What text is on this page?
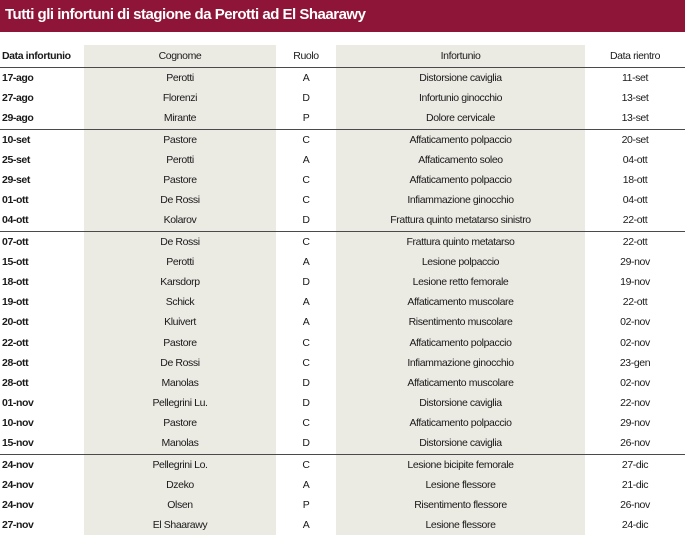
Tutti gli infortuni di stagione da Perotti ad El Shaarawy
Data infortunio	Cognome	Ruolo	Infortunio	Data rientro
17-ago	Perotti	A	Distorsione caviglia	11-set
27-ago	Florenzi	D	Infortunio ginocchio	13-set
29-ago	Mirante	P	Dolore cervicale	13-set
10-set	Pastore	C	Affaticamento polpaccio	20-set
25-set	Perotti	A	Affaticamento soleo	04-ott
29-set	Pastore	C	Affaticamento polpaccio	18-ott
01-ott	De Rossi	C	Infiammazione ginocchio	04-ott
04-ott	Kolarov	D	Frattura quinto metatarso sinistro	22-ott
07-ott	De Rossi	C	Frattura quinto metatarso	22-ott
15-ott	Perotti	A	Lesione polpaccio	29-nov
18-ott	Karsdorp	D	Lesione retto femorale	19-nov
19-ott	Schick	A	Affaticamento muscolare	22-ott
20-ott	Kluivert	A	Risentimento muscolare	02-nov
22-ott	Pastore	C	Affaticamento polpaccio	02-nov
28-ott	De Rossi	C	Infiammazione ginocchio	23-gen
28-ott	Manolas	D	Affaticamento muscolare	02-nov
01-nov	Pellegrini Lu.	D	Distorsione caviglia	22-nov
10-nov	Pastore	C	Affaticamento polpaccio	29-nov
15-nov	Manolas	D	Distorsione caviglia	26-nov
24-nov	Pellegrini Lo.	C	Lesione bicipite femorale	27-dic
24-nov	Dzeko	A	Lesione flessore	21-dic
24-nov	Olsen	P	Risentimento flessore	26-nov
27-nov	El Shaarawy	A	Lesione flessore	24-dic
